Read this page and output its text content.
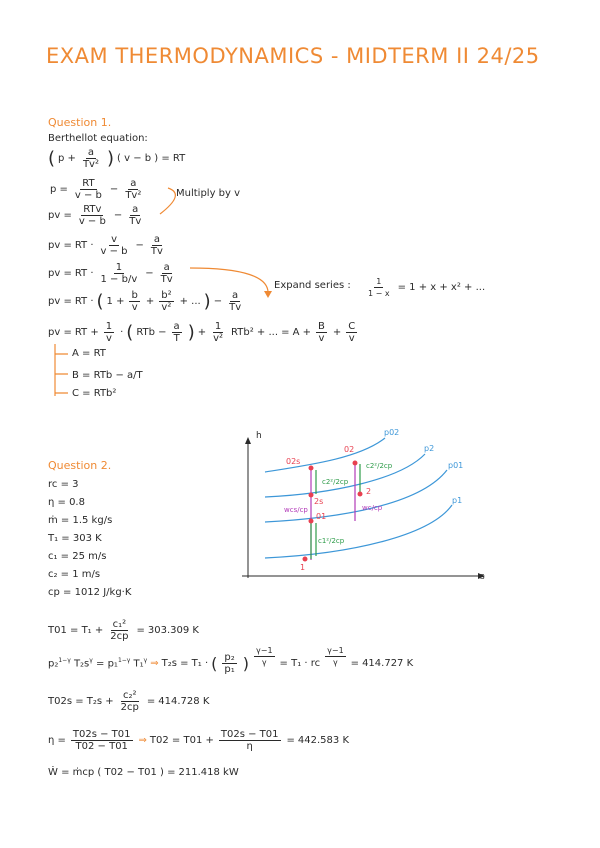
EXAM THERMODYNAMICS - MIDTERM II 24/25
Question 1.
Berthellot equation:
( $p + \frac{a}{\text{Tv²}}$ ) ( v − b ) = RT
$p = \frac{RT}{v - b} - \frac{a}{\text{Tv²}}$	Multiply by v
pv = $\frac{\text{RTv}}{v - b} - \frac{a}{Tv}$
pv = RT · $\frac{v}{v - b} - \frac{a}{Tv}$
pv = RT · $\frac{1}{1 - b/v} - \frac{a}{Tv}$
Expand series : $\frac{1}{1 - x} = 1 + x + x^2$ + ...
pv = RT · ( $1 + \frac{b}{v} + \frac{\text{b²}}{\text{v²}}$ + ... ) − $\frac{a}{Tv}$
pv = RT + $\frac{1}{v}$ · ( RTb − $\frac{a}{T}$ ) + $\frac{1}{\text{v²}} RTb^2$ + ... = $A + \frac{B}{v} + \frac{C}{v}$
A = RT
B = RTb − a/T
C = RTb²
Question 2.
rc = 3
η = 0.8
ṁ = 1.5 kg/s
T₁ = 303 K
c₁ = 25 m/s
c₂ = 1 m/s
cp = 1012 J/kg·K
$T01 = T_1 + \frac{\text{c₁²}}{2cp} = 303.309$ K
p₂$^{1-\gamma}$ $T_2s^\gamma = p_1^{1-\gamma}$ T₁$^\gamma$ ⇒ T₂s = T₁ · ( $\frac{\text{p₂}}{\text{p₁}}$ ) $^{\frac{\gamma-1}{\gamma}}$ = T₁ · rc $^{\frac{\gamma-1}{\gamma}}$ = 414.727 K
$T02s = T_2s + \frac{\text{c₂²}}{2cp} = 414.728$ K
$\eta = \frac{T02s - T01}{T02 - T01}$ ⇒ $T02 = T01 + \frac{T02s - T01}{\eta} = 442.583$ K
Ẇ = ṁcp ( T02 − T01 ) = 211.418 kW
h
s
p02
p2
p01
p1
02s
02
2s
2
01
1
c2²/2cp
c2²/2cp
wcs/cp	wc/cp
c1²/2cp
